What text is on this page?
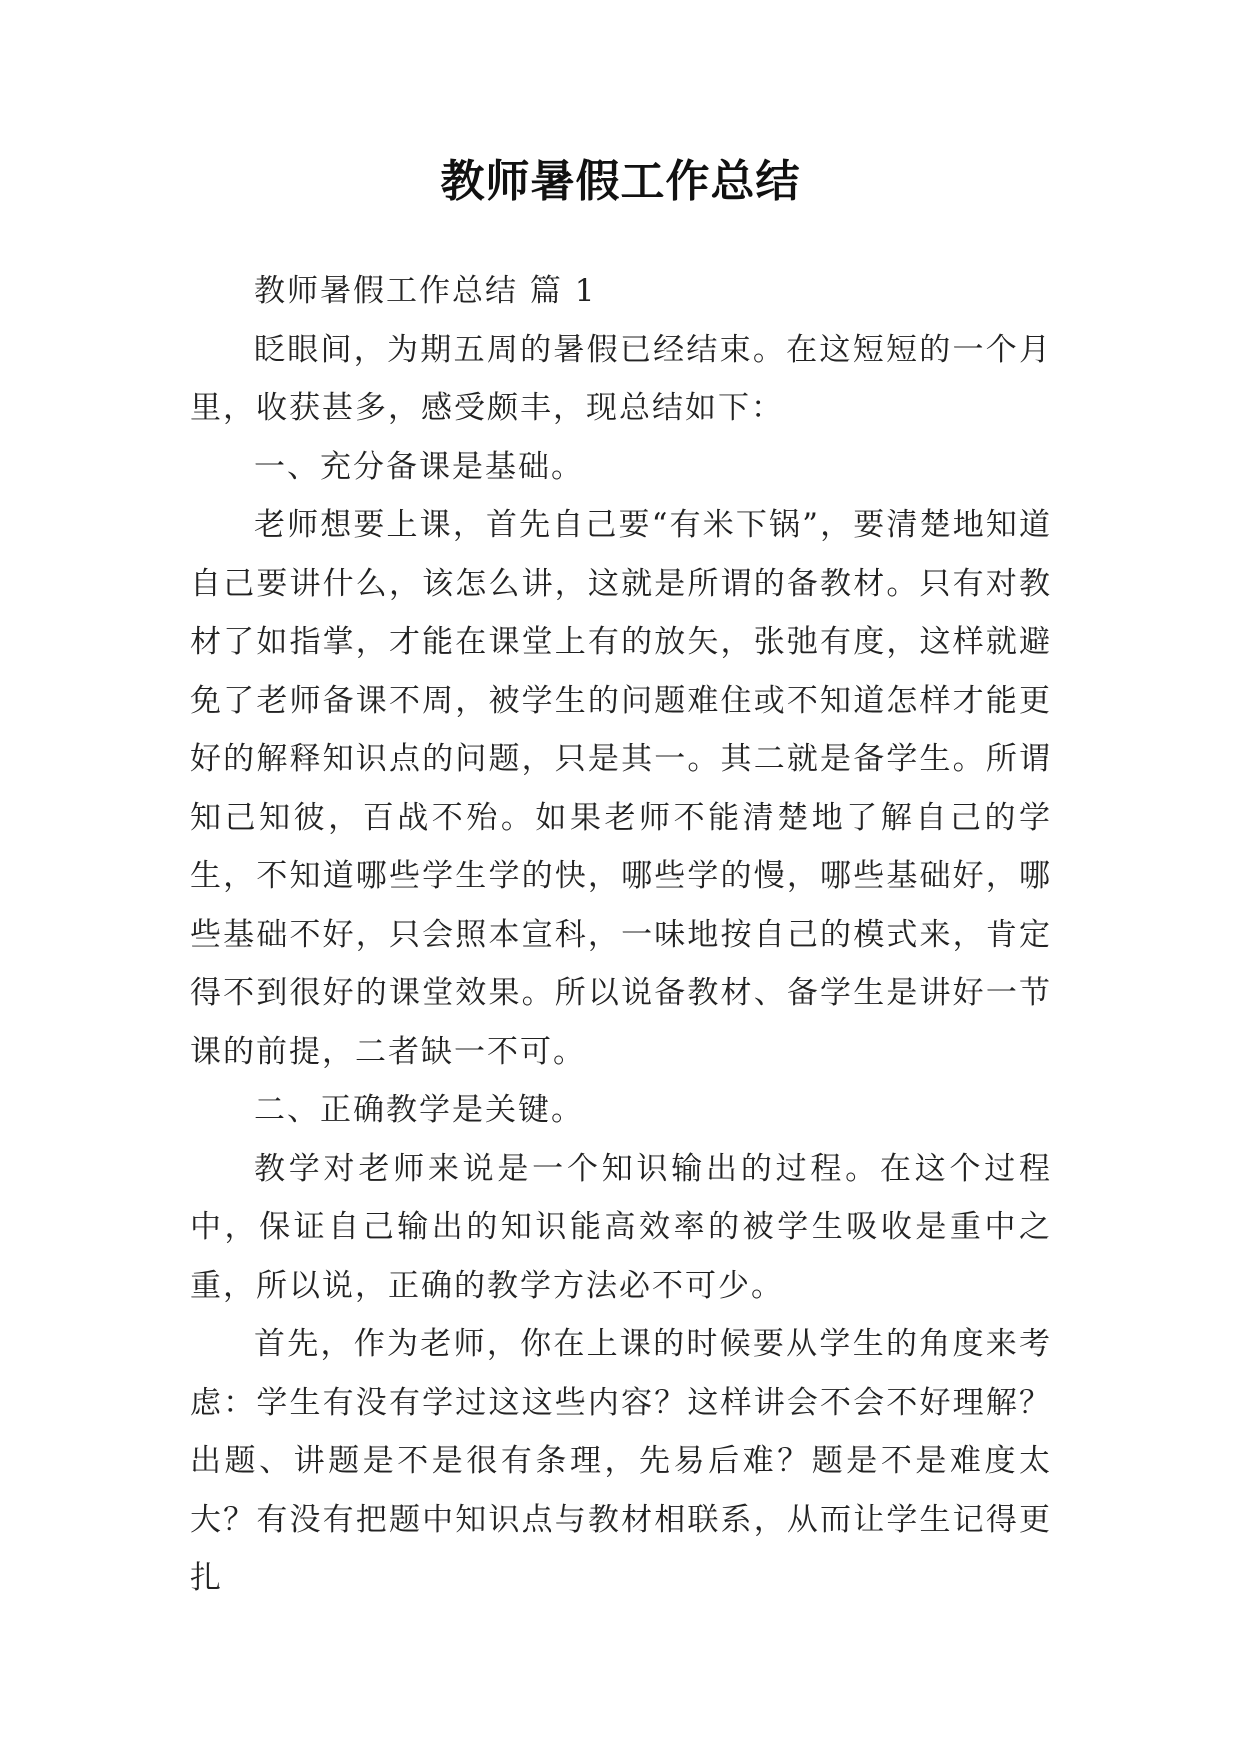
教师暑假工作总结

教师暑假工作总结 篇 1

眨眼间，为期五周的暑假已经结束。在这短短的一个月里，收获甚多，感受颇丰，现总结如下：

一、充分备课是基础。

老师想要上课，首先自己要“有米下锅”，要清楚地知道自己要讲什么，该怎么讲，这就是所谓的备教材。只有对教材了如指掌，才能在课堂上有的放矢，张弛有度，这样就避免了老师备课不周，被学生的问题难住或不知道怎样才能更好的解释知识点的问题，只是其一。其二就是备学生。所谓知己知彼，百战不殆。如果老师不能清楚地了解自己的学生，不知道哪些学生学的快，哪些学的慢，哪些基础好，哪些基础不好，只会照本宣科，一味地按自己的模式来，肯定得不到很好的课堂效果。所以说备教材、备学生是讲好一节课的前提，二者缺一不可。

二、正确教学是关键。

教学对老师来说是一个知识输出的过程。在这个过程中，保证自己输出的知识能高效率的被学生吸收是重中之重，所以说，正确的教学方法必不可少。

首先，作为老师，你在上课的时候要从学生的角度来考虑：学生有没有学过这这些内容？这样讲会不会不好理解？出题、讲题是不是很有条理，先易后难？题是不是难度太大？有没有把题中知识点与教材相联系，从而让学生记得更扎
